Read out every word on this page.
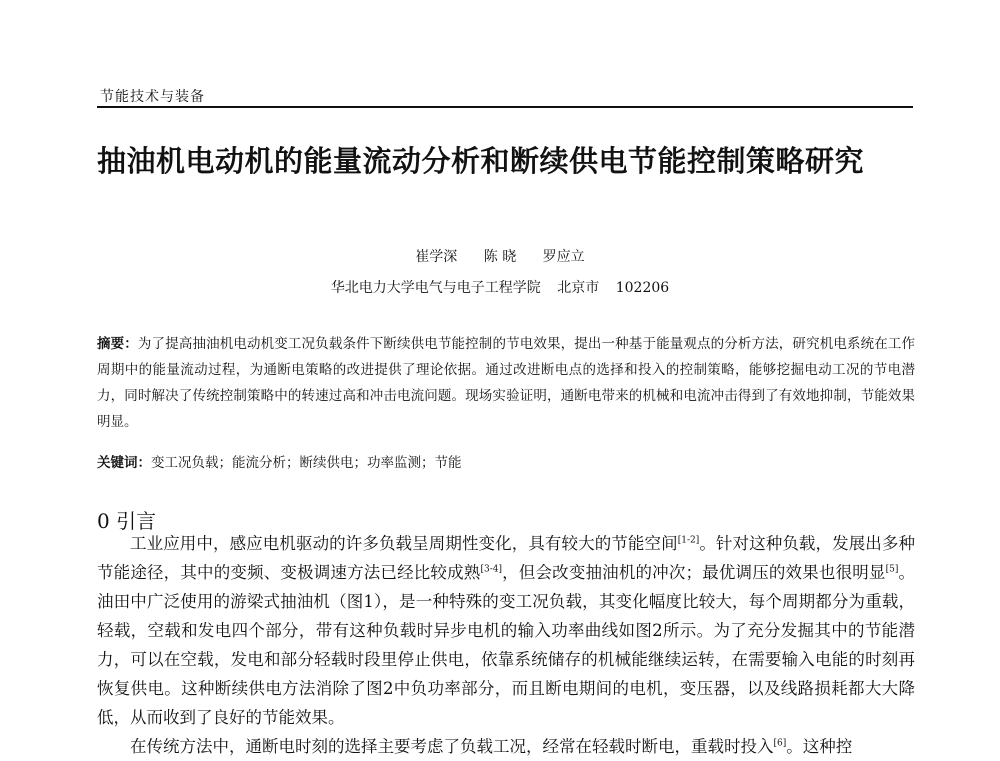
节能技术与装备
抽油机电动机的能量流动分析和断续供电节能控制策略研究
崔学深 陈 晓 罗应立
华北电力大学电气与电子工程学院 北京市 102206
摘要：为了提高抽油机电动机变工况负载条件下断续供电节能控制的节电效果，提出一种基于能量观点的分析方法，研究机电系统在工作周期中的能量流动过程，为通断电策略的改进提供了理论依据。通过改进断电点的选择和投入的控制策略，能够挖掘电动工况的节电潜力，同时解决了传统控制策略中的转速过高和冲击电流问题。现场实验证明，通断电带来的机械和电流冲击得到了有效地抑制，节能效果明显。
关键词：变工况负载；能流分析；断续供电；功率监测；节能
0 引言

工业应用中，感应电机驱动的许多负载呈周期性变化，具有较大的节能空间[1-2]。针对这种负载，发展出多种节能途径，其中的变频、变极调速方法已经比较成熟[3-4]，但会改变抽油机的冲次；最优调压的效果也很明显[5]。油田中广泛使用的游梁式抽油机（图1），是一种特殊的变工况负载，其变化幅度比较大，每个周期都分为重载，轻载，空载和发电四个部分，带有这种负载时异步电机的输入功率曲线如图2所示。为了充分发掘其中的节能潜力，可以在空载，发电和部分轻载时段里停止供电，依靠系统储存的机械能继续运转，在需要输入电能的时刻再恢复供电。这种断续供电方法消除了图2中负功率部分，而且断电期间的电机，变压器，以及线路损耗都大大降低，从而收到了良好的节能效果。

在传统方法中，通断电时刻的选择主要考虑了负载工况，经常在轻载时断电，重载时投入[6]。这种控
